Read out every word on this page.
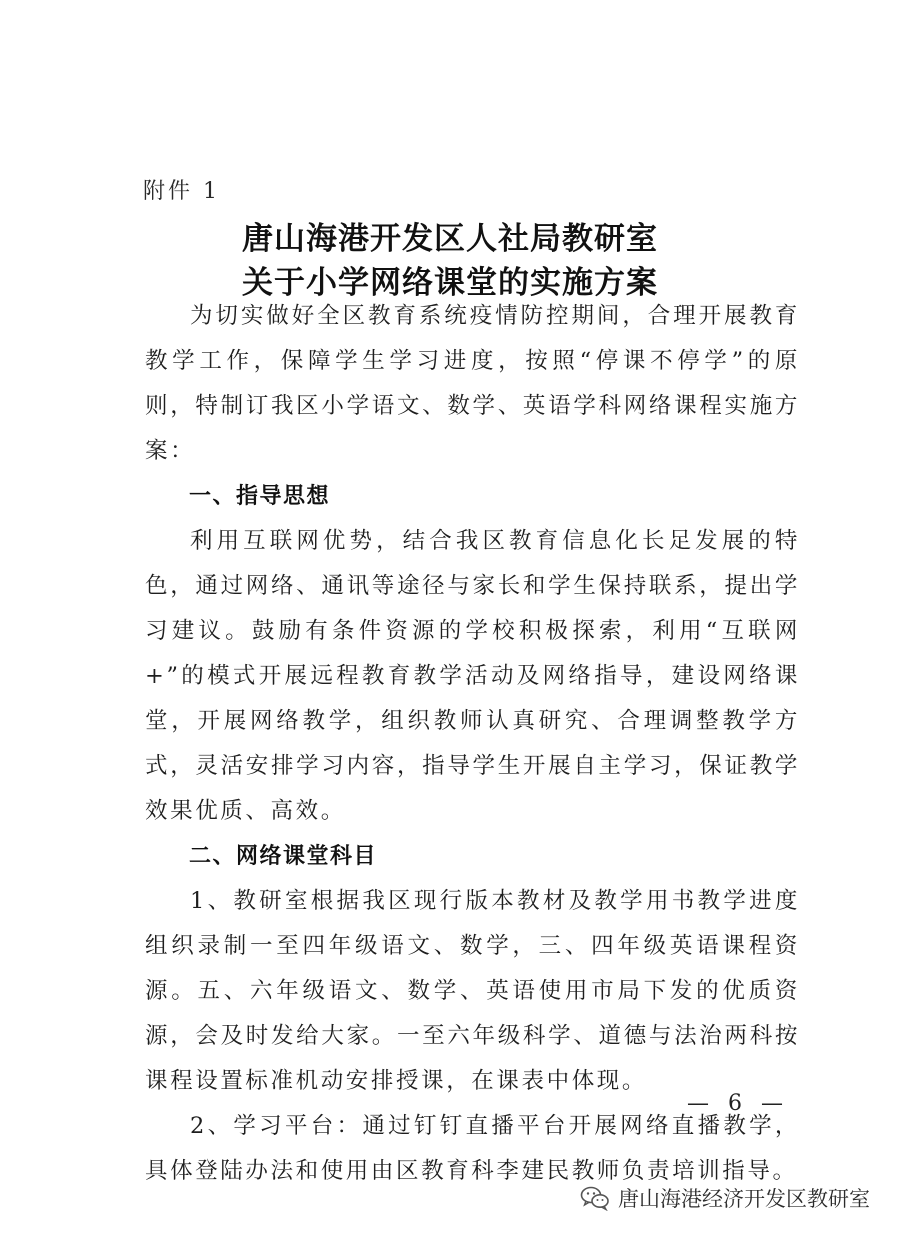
附件 1
唐山海港开发区人社局教研室
关于小学网络课堂的实施方案

为切实做好全区教育系统疫情防控期间，合理开展教育教学工作，保障学生学习进度，按照“停课不停学”的原则，特制订我区小学语文、数学、英语学科网络课程实施方案：

一、指导思想

利用互联网优势，结合我区教育信息化长足发展的特色，通过网络、通讯等途径与家长和学生保持联系，提出学习建议。鼓励有条件资源的学校积极探索，利用“互联网+”的模式开展远程教育教学活动及网络指导，建设网络课堂，开展网络教学，组织教师认真研究、合理调整教学方式，灵活安排学习内容，指导学生开展自主学习，保证教学效果优质、高效。

二、网络课堂科目

1、教研室根据我区现行版本教材及教学用书教学进度组织录制一至四年级语文、数学，三、四年级英语课程资源。五、六年级语文、数学、英语使用市局下发的优质资源，会及时发给大家。一至六年级科学、道德与法治两科按课程设置标准机动安排授课，在课表中体现。

2、学习平台：通过钉钉直播平台开展网络直播教学，具体登陆办法和使用由区教育科李建民教师负责培训指导。

— 6 —
唐山海港经济开发区教研室
